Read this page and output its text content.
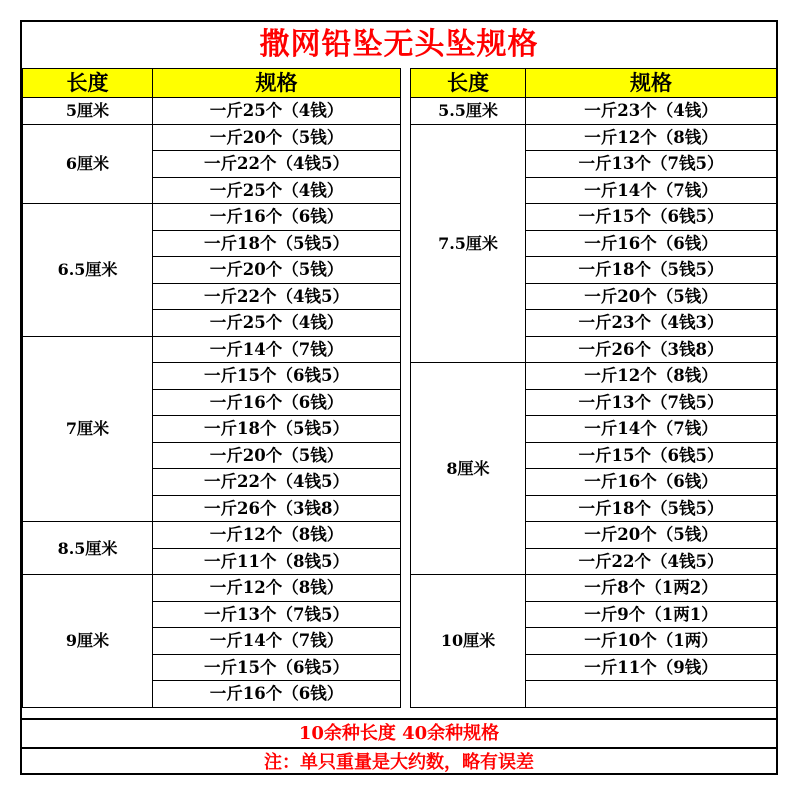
撒网铅坠无头坠规格
长度	规格
5厘米	一斤25个（4钱）
6厘米	一斤20个（5钱）
	一斤22个（4钱5）
	一斤25个（4钱）
6.5厘米	一斤16个（6钱）
	一斤18个（5钱5）
	一斤20个（5钱）
	一斤22个（4钱5）
	一斤25个（4钱）
7厘米	一斤14个（7钱）
	一斤15个（6钱5）
	一斤16个（6钱）
	一斤18个（5钱5）
	一斤20个（5钱）
	一斤22个（4钱5）
	一斤26个（3钱8）
8.5厘米	一斤12个（8钱）
	一斤11个（8钱5）
9厘米	一斤12个（8钱）
	一斤13个（7钱5）
	一斤14个（7钱）
	一斤15个（6钱5）
	一斤16个（6钱）
长度	规格
5.5厘米	一斤23个（4钱）
7.5厘米	一斤12个（8钱）
	一斤13个（7钱5）
	一斤14个（7钱）
	一斤15个（6钱5）
	一斤16个（6钱）
	一斤18个（5钱5）
	一斤20个（5钱）
	一斤23个（4钱3）
	一斤26个（3钱8）
8厘米	一斤12个（8钱）
	一斤13个（7钱5）
	一斤14个（7钱）
	一斤15个（6钱5）
	一斤16个（6钱）
	一斤18个（5钱5）
	一斤20个（5钱）
	一斤22个（4钱5）
10厘米	一斤8个（1两2）
	一斤9个（1两1）
	一斤10个（1两）
	一斤11个（9钱）

10余种长度 40余种规格
注：单只重量是大约数，略有误差
